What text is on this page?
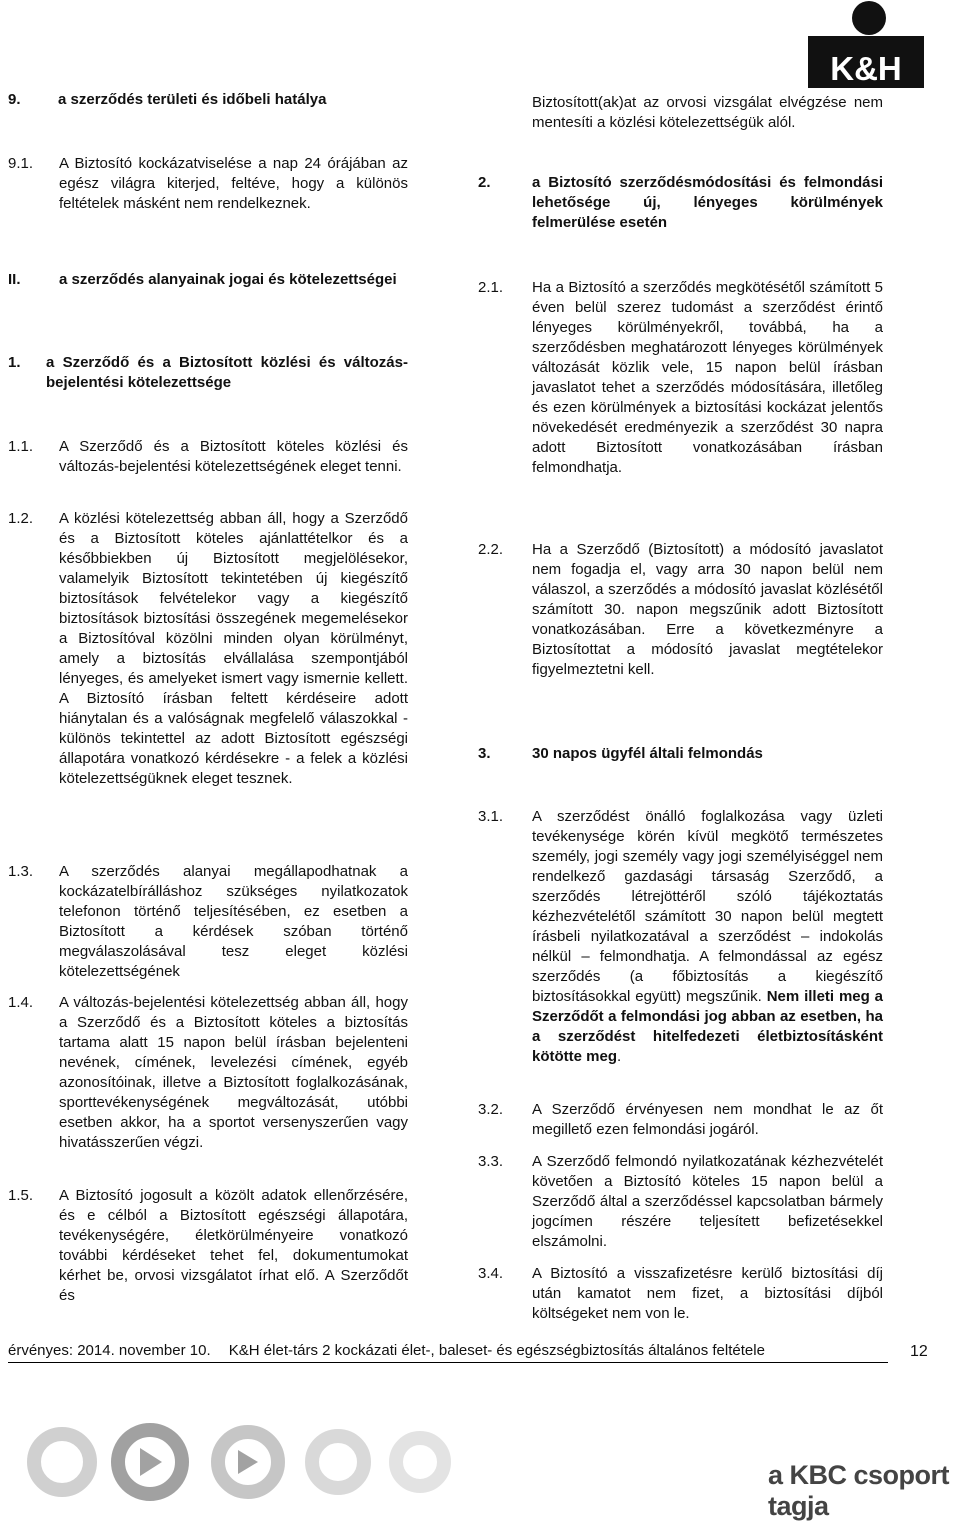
K&H
9. a szerződés területi és időbeli hatálya
9.1. A Biztosító kockázatviselése a nap 24 órájában az egész világra kiterjed, feltéve, hogy a különös feltételek másként nem rendelkeznek.
II.	a szerződés alanyainak jogai és kötelezettségei
1. a Szerződő és a Biztosított közlési és változás-bejelentési kötelezettsége
1.1. A Szerződő és a Biztosított köteles közlési és változás-bejelentési kötelezettségének eleget tenni.
1.2. A közlési kötelezettség abban áll, hogy a Szerződő és a Biztosított köteles ajánlattételkor és a későbbiekben új Biztosított megjelölésekor, valamelyik Biztosított tekintetében új kiegészítő biztosítások felvételekor vagy a kiegészítő biztosítások biztosítási összegének megemelésekor a Biztosítóval közölni minden olyan körülményt, amely a biztosítás elvállalása szempontjából lényeges, és amelyeket ismert vagy ismernie kellett. A Biztosító írásban feltett kérdéseire adott hiánytalan és a valóságnak megfelelő válaszokkal - különös tekintettel az adott Biztosított egészségi állapotára vonatkozó kérdésekre - a felek a közlési kötelezettségüknek eleget tesznek.
1.3. A szerződés alanyai megállapodhatnak a kockázatelbírálláshoz szükséges nyilatkozatok telefonon történő teljesítésében, ez esetben a Biztosított a kérdések szóban történő megválaszolásával tesz eleget közlési kötelezettségének
1.4. A változás-bejelentési kötelezettség abban áll, hogy a Szerződő és a Biztosított köteles a biztosítás tartama alatt 15 napon belül írásban bejelenteni nevének, címének, levelezési címének, egyéb azonosítóinak, illetve a Biztosított foglalkozásának, sporttevékenységének megváltozását, utóbbi esetben akkor, ha a sportot versenyszerűen vagy hivatásszerűen végzi.
1.5. A Biztosító jogosult a közölt adatok ellenőrzésére, és e célból a Biztosított egészségi állapotára, tevékenységére, életkörülményeire vonatkozó további kérdéseket tehet fel, dokumentumokat kérhet be, orvosi vizsgálatot írhat elő. A Szerződőt és
Biztosított(ak)at az orvosi vizsgálat elvégzése nem mentesíti a közlési kötelezettségük alól.
2.	a Biztosító szerződésmódosítási és felmondási lehetősége új, lényeges körülmények felmerülése esetén
2.1. Ha a Biztosító a szerződés megkötésétől számított 5 éven belül szerez tudomást a szerződést érintő lényeges körülményekről, továbbá, ha a szerződésben meghatározott lényeges körülmények változását közlik vele, 15 napon belül írásban javaslatot tehet a szerződés módosítására, illetőleg és ezen körülmények a biztosítási kockázat jelentős növekedését eredményezik a szerződést 30 napra adott Biztosított vonatkozásában írásban felmondhatja.
2.2. Ha a Szerződő (Biztosított) a módosító javaslatot nem fogadja el, vagy arra 30 napon belül nem válaszol, a szerződés a módosító javaslat közlésétől számított 30. napon megszűnik adott Biztosított vonatkozásában. Erre a következményre a Biztosítottat a módosító javaslat megtételekor figyelmeztetni kell.
3.	30 napos ügyfél általi felmondás
3.1. A szerződést önálló foglalkozása vagy üzleti tevékenysége körén kívül megkötő természetes személy, jogi személy vagy jogi személyiséggel nem rendelkező gazdasági társaság Szerződő, a szerződés létrejöttéről szóló tájékoztatás kézhezvételétől számított 30 napon belül megtett írásbeli nyilatkozatával a szerződést – indokolás nélkül – felmondhatja. A felmondással az egész szerződés (a főbiztosítás a kiegészítő biztosításokkal együtt) megszűnik. Nem illeti meg a Szerződőt a felmondási jog abban az esetben, ha a szerződést hitelfedezeti életbiztosításként kötötte meg.
3.2. A Szerződő érvényesen nem mondhat le az őt megillető ezen felmondási jogáról.
3.3. A Szerződő felmondó nyilatkozatának kézhezvételét követően a Biztosító köteles 15 napon belül a Szerződő által a szerződéssel kapcsolatban bármely jogcímen részére teljesített befizetésekkel elszámolni.
3.4. A Biztosító a visszafizetésre kerülő biztosítási díj után kamatot nem fizet, a biztosítási díjból költségeket nem von le.
érvényes: 2014. november 10. K&H élet-társ 2 kockázati élet-, baleset- és egészségbiztosítás általános feltétele	12
a KBC csoport tagja
